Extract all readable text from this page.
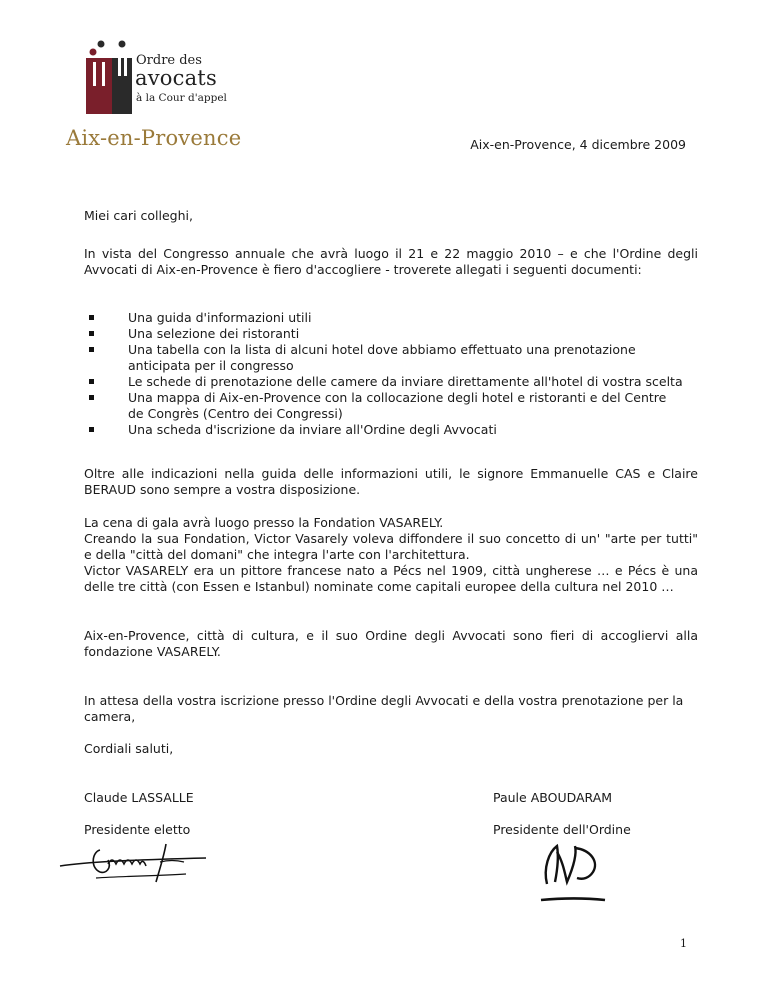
Ordre des
avocats
à la Cour d'appel
Aix-en-Provence	Aix-en-Provence, 4 dicembre 2009
Miei cari colleghi,
In vista del Congresso annuale che avrà luogo il 21 e 22 maggio 2010 – e che l'Ordine degli Avvocati di Aix-en-Provence è fiero d'accogliere - troverete allegati i seguenti documenti:
Una guida d'informazioni utili
Una selezione dei ristoranti
Una tabella con la lista di alcuni hotel dove abbiamo effettuato una prenotazione anticipata per il congresso
Le schede di prenotazione delle camere da inviare direttamente all'hotel di vostra scelta
Una mappa di Aix-en-Provence con la collocazione degli hotel e ristoranti e del Centre de Congrès (Centro dei Congressi)
Una scheda d'iscrizione da inviare all'Ordine degli Avvocati
Oltre alle indicazioni nella guida delle informazioni utili, le signore Emmanuelle CAS e Claire BERAUD sono sempre a vostra disposizione.
La cena di gala avrà luogo presso la Fondation VASARELY.
Creando la sua Fondation, Victor Vasarely voleva diffondere il suo concetto di un' "arte per tutti" e della "città del domani" che integra l'arte con l'architettura.
Victor VASARELY era un pittore francese nato a Pécs nel 1909, città ungherese … e Pécs è una delle tre città (con Essen e Istanbul) nominate come capitali europee della cultura nel 2010 …
Aix-en-Provence, città di cultura, e il suo Ordine degli Avvocati sono fieri di accogliervi alla fondazione VASARELY.
In attesa della vostra iscrizione presso l'Ordine degli Avvocati e della vostra prenotazione per la camera,
Cordiali saluti,
Claude LASSALLE	Paule ABOUDARAM
Presidente eletto	Presidente dell'Ordine
1
